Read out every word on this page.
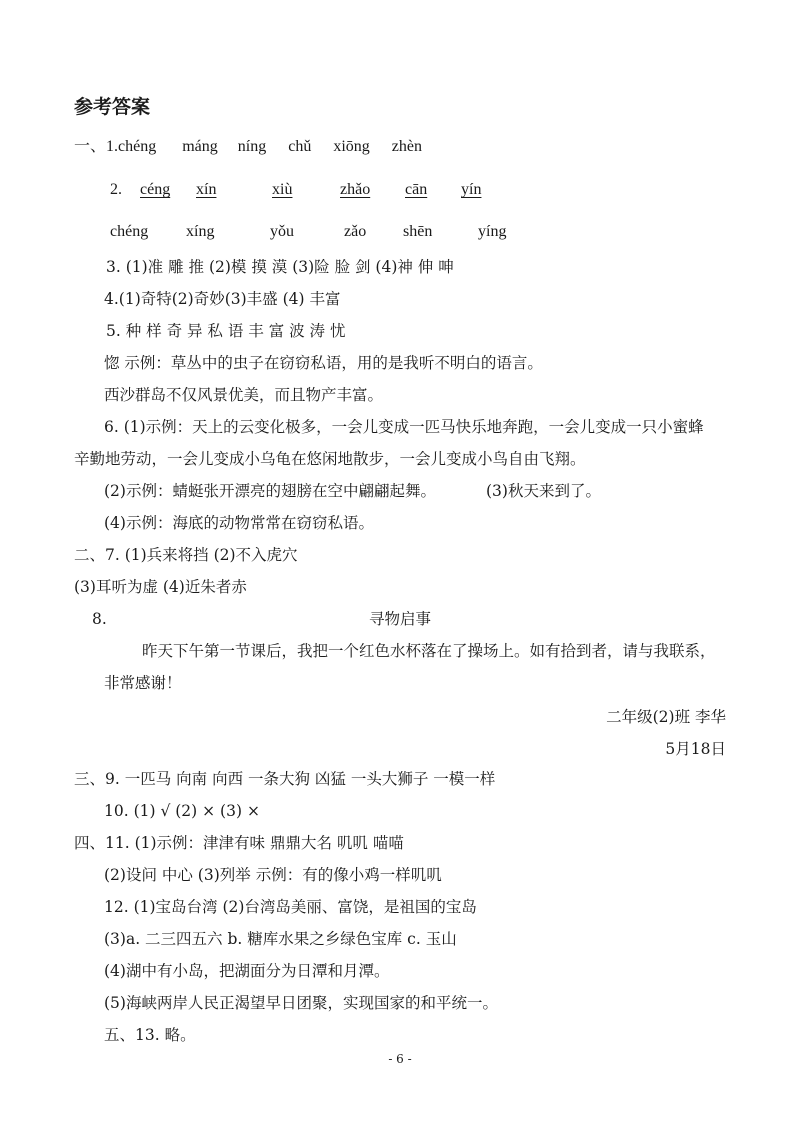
参考答案
一、1.chéng máng níng chǔ xiōng zhèn
2. céng xín	xiù	zhǎo cān yín
chéng xíng	yǒu	zǎo shēn	yíng
3. (1)准 雕 推 (2)模 摸 漠 (3)险 脸 剑 (4)神 伸 呻
4.(1)奇特(2)奇妙(3)丰盛 (4) 丰富
5. 种 样 奇 异 私 语 丰 富 波 涛 忧
惚 示例：草丛中的虫子在窃窃私语，用的是我听不明白的语言。
西沙群岛不仅风景优美，而且物产丰富。
6. (1)示例：天上的云变化极多，一会儿变成一匹马快乐地奔跑，一会儿变成一只小蜜蜂
辛勤地劳动，一会儿变成小乌龟在悠闲地散步，一会儿变成小鸟自由飞翔。
(2)示例：蜻蜓张开漂亮的翅膀在空中翩翩起舞。	(3)秋天来到了。
(4)示例：海底的动物常常在窃窃私语。
二、7. (1)兵来将挡 (2)不入虎穴
(3)耳听为虚 (4)近朱者赤
8.	寻物启事
昨天下午第一节课后，我把一个红色水杯落在了操场上。如有拾到者，请与我联系，
非常感谢！
二年级(2)班 李华
5月18日
三、9. 一匹马 向南 向西 一条大狗 凶猛 一头大狮子 一模一样
10. (1) √ (2) × (3) ×
四、11. (1)示例：津津有味 鼎鼎大名 叽叽 喵喵
(2)设问 中心 (3)列举 示例：有的像小鸡一样叽叽
12. (1)宝岛台湾 (2)台湾岛美丽、富饶，是祖国的宝岛
(3)a. 二三四五六 b. 糖库水果之乡绿色宝库 c. 玉山
(4)湖中有小岛，把湖面分为日潭和月潭。
(5)海峡两岸人民正渴望早日团聚，实现国家的和平统一。
五、13. 略。
- 6 -
